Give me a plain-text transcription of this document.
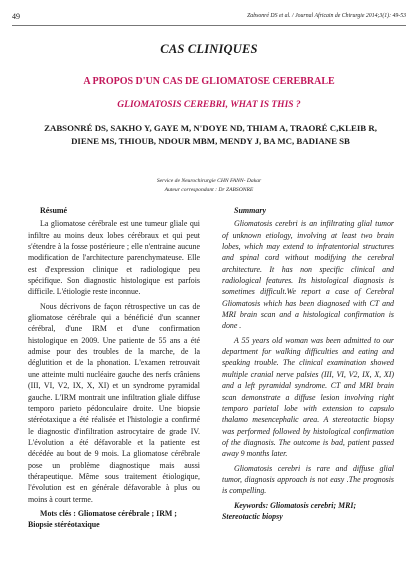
49	Zabsonré DS et al. / Journal Africain de Chirurgie 2014;3(1): 49-53
CAS CLINIQUES
A PROPOS D'UN CAS DE GLIOMATOSE CEREBRALE
GLIOMATOSIS CEREBRI, WHAT IS THIS ?
ZABSONRÉ DS, SAKHO Y, GAYE M, N'DOYE ND, THIAM A, TRAORÉ C,KLEIB R, DIENE MS, THIOUB, NDOUR MBM, MENDY J, BA MC, BADIANE SB
Service de Neurochirurgie CHN FANN- Dakar
Auteur correspondant : Dr ZABSONRE
Résumé

La gliomatose cérébrale est une tumeur gliale qui infiltre au moins deux lobes cérébraux et qui peut s'étendre à la fosse postérieure ; elle n'entraine aucune modification de l'architecture parenchymateuse. Elle est d'expression clinique et radiologique peu spécifique. Son diagnostic histologique est parfois difficile. L'étiologie reste inconnue.

Nous décrivons de façon rétrospective un cas de gliomatose cérébrale qui a bénéficié d'un scanner cérébral, d'une IRM et d'une confirmation histologique en 2009. Une patiente de 55 ans a été admise pour des troubles de la marche, de la déglutition et de la phonation. L'examen retrouvait une atteinte multi nucléaire gauche des nerfs crâniens (III, VI, V2, IX, X, XI) et un syndrome pyramidal gauche. L'IRM montrait une infiltration gliale diffuse temporo parieto pédonculaire droite. Une biopsie stéréotaxique a été réalisée et l'histologie a confirmé le diagnostic d'infiltration astrocytaire de grade IV. L'évolution a été défavorable et la patiente est décédée au bout de 9 mois. La gliomatose cérébrale pose un problème diagnostique mais aussi thérapeutique. Même sous traitement étiologique, l'évolution est en générale défavorable à plus ou moins à court terme.

Mots clés : Gliomatose cérébrale ; IRM ; Biopsie stéréotaxique

Summary

Gliomatosis cerebri is an infiltrating glial tumor of unknown etiology, involving at least two brain lobes, which may extend to infratentorial structures and spinal cord without modifying the cerebral architecture. It has non specific clinical and radiological features. Its histological diagnosis is sometimes difficult.We report a case of Cerebral Gliomatosis which has been diagnosed with CT and MRI brain scan and a histological confirmation is done .

A 55 years old woman was been admitted to our department for walking difficulties and eating and speaking trouble. The clinical examination showed multiple cranial nerve palsies (III, VI, V2, IX, X, XI) and a left pyramidal syndrome. CT and MRI brain scan demonstrate a diffuse lesion involving right temporo parietal lobe with extension to capsulo thalamo mesencephalic area. A stereotactic biopsy was performed followed by histological confirmation of the diagnosis. The outcome is bad, patient passed away 9 months later.

Gliomatosis cerebri is rare and diffuse glial tumor, diagnosis approach is not easy .The prognosis is compelling.

Keywords: Gliomatosis cerebri; MRI; Stereotactic biopsy
